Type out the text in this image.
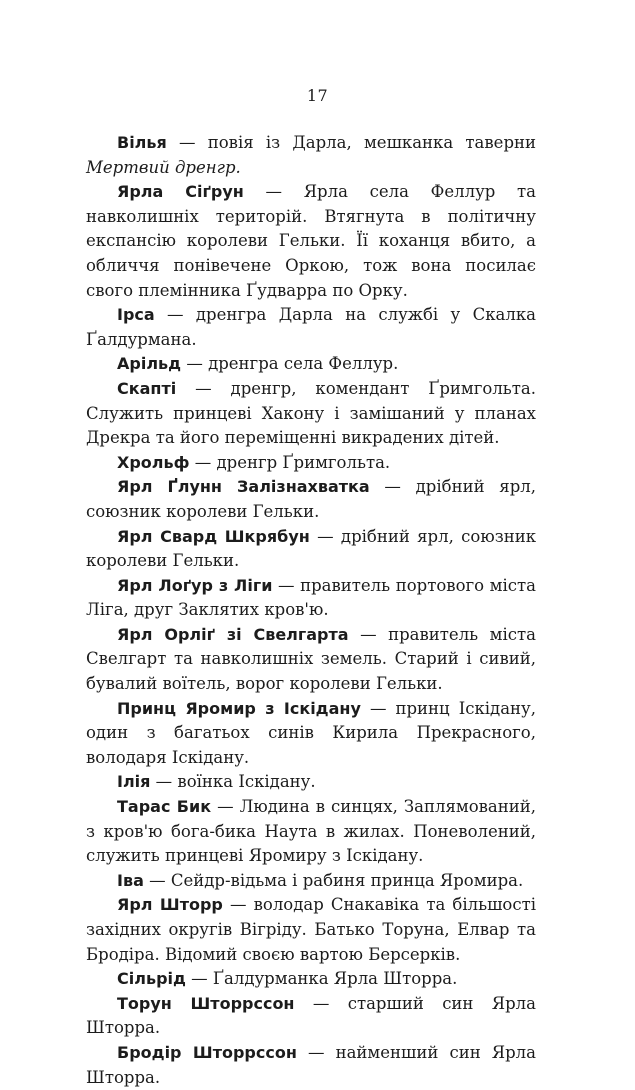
17

Вілья — повія із Дарла, мешканка таверни Мертвий дренгр.

Ярла Сіґрун — Ярла села Феллур та навколишніх територій. Втягнута в політичну експансію королеви Гельки. Її коханця вбито, а обличчя понівечене Оркою, тож вона посилає свого племінника Ґудварра по Орку.

Ірса — дренгра Дарла на службі у Скалка Ґалдурмана.

Арільд — дренгра села Феллур.

Скапті — дренгр, комендант Ґримгольта. Служить принцеві Хакону і замішаний у планах Дрекра та його переміщенні викрадених дітей.

Хрольф — дренгр Ґримгольта.

Ярл Ґлунн Залізнахватка — дрібний ярл, союзник королеви Гельки.

Ярл Свард Шкрябун — дрібний ярл, союзник королеви Гельки.

Ярл Лоґур з Ліги — правитель портового міста Ліга, друг Заклятих кров'ю.

Ярл Орліґ зі Свелгарта — правитель міста Свелгарт та навколишніх земель. Старий і сивий, бувалий воїтель, ворог королеви Гельки.

Принц Яромир з Іскідану — принц Іскідану, один з багатьох синів Кирила Прекрасного, володаря Іскідану.

Ілія — воїнка Іскідану.

Тарас Бик — Людина в синцях, Заплямований, з кров'ю бога-бика Наута в жилах. Поневолений, служить принцеві Яромиру з Іскідану.

Іва — Сейдр-відьма і рабиня принца Яромира.

Ярл Шторр — володар Снакавіка та більшості західних округів Вігріду. Батько Торуна, Елвар та Бродіра. Відомий своєю вартою Берсерків.

Сільрід — Ґалдурманка Ярла Шторра.

Торун Шторрссон — старший син Ярла Шторра.

Бродір Шторрссон — найменший син Ярла Шторра.
